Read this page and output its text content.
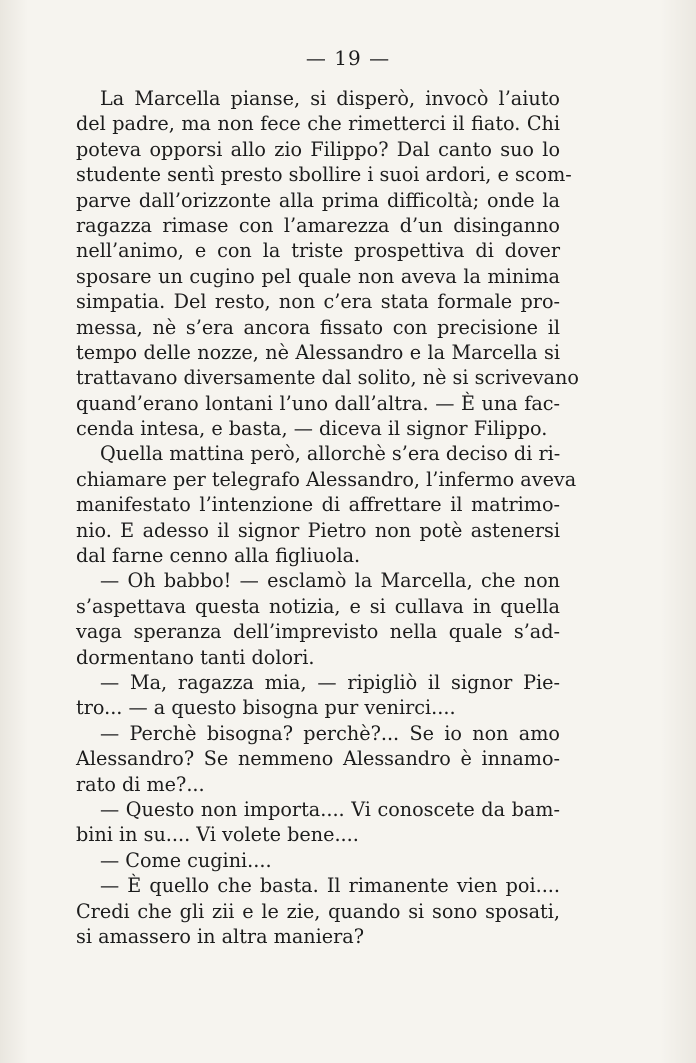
— 19 —
La Marcella pianse, si disperò, invocò l’aiuto
del padre, ma non fece che rimetterci il fiato. Chi
poteva opporsi allo zio Filippo? Dal canto suo lo
studente sentì presto sbollire i suoi ardori, e scom-
parve dall’orizzonte alla prima difficoltà; onde la
ragazza rimase con l’amarezza d’un disinganno
nell’animo, e con la triste prospettiva di dover
sposare un cugino pel quale non aveva la minima
simpatia. Del resto, non c’era stata formale pro-
messa, nè s’era ancora fissato con precisione il
tempo delle nozze, nè Alessandro e la Marcella si
trattavano diversamente dal solito, nè si scrivevano
quand’erano lontani l’uno dall’altra. — È una fac-
cenda intesa, e basta, — diceva il signor Filippo.
Quella mattina però, allorchè s’era deciso di ri-
chiamare per telegrafo Alessandro, l’infermo aveva
manifestato l’intenzione di affrettare il matrimo-
nio. E adesso il signor Pietro non potè astenersi
dal farne cenno alla figliuola.
— Oh babbo! — esclamò la Marcella, che non
s’aspettava questa notizia, e si cullava in quella
vaga speranza dell’imprevisto nella quale s’ad-
dormentano tanti dolori.
— Ma, ragazza mia, — ripigliò il signor Pie-
tro... — a questo bisogna pur venirci....
— Perchè bisogna? perchè?... Se io non amo
Alessandro? Se nemmeno Alessandro è innamo-
rato di me?...
— Questo non importa.... Vi conoscete da bam-
bini in su.... Vi volete bene....
— Come cugini....
— È quello che basta. Il rimanente vien poi....
Credi che gli zii e le zie, quando si sono sposati,
si amassero in altra maniera?
